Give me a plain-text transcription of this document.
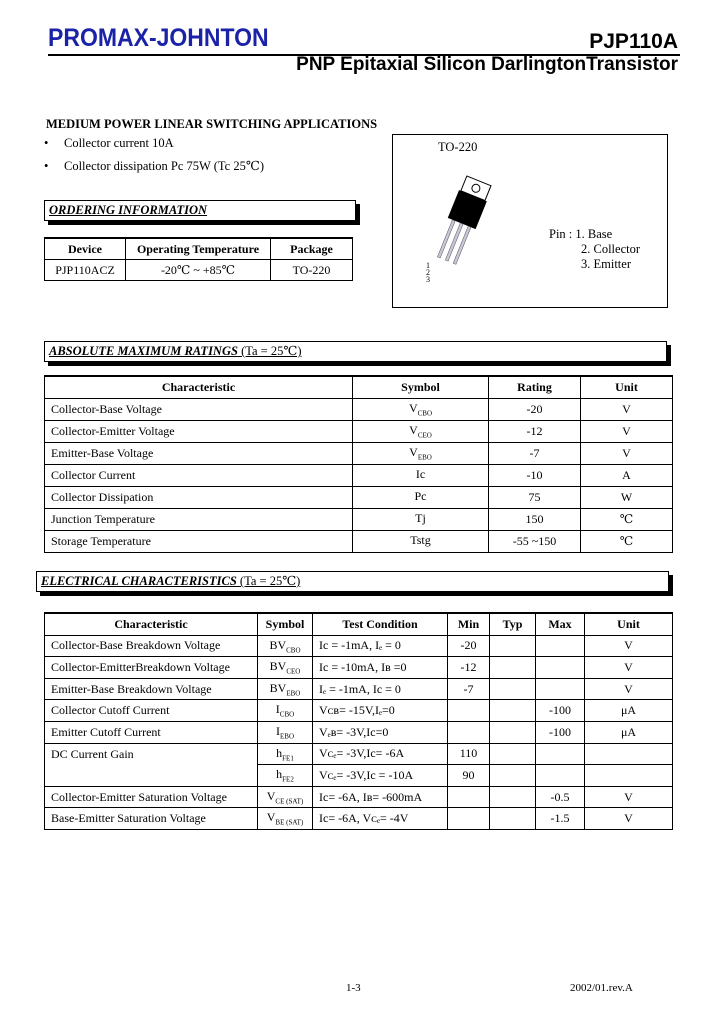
PROMAX-JOHNTON	PJP110A
PNP Epitaxial Silicon DarlingtonTransistor
MEDIUM POWER LINEAR SWITCHING APPLICATIONS
• Collector current 10A
• Collector dissipation Pc 75W (Tc 25℃)
TO-220
1
2
3
Pin : 1. Base
2. Collector
3. Emitter
ORDERING INFORMATION
Device	Operating Temperature	Package
PJP110ACZ	-20℃ ~ +85℃	TO-220
ABSOLUTE MAXIMUM RATINGS (Ta = 25℃)
Characteristic	Symbol	Rating	Unit
Collector-Base Voltage	$V_{CBO}$	-20	V
Collector-Emitter Voltage	$V_{CEO}$	-12	V
Emitter-Base Voltage	$V_{EBO}$	-7	V
Collector Current	Ic	-10	A
Collector Dissipation	Pc	75	W
Junction Temperature	Tj	150	℃
Storage Temperature	Tstg	-55 ~150	℃
ELECTRICAL CHARACTERISTICS (Ta = 25℃)
Characteristic	Symbol	Test Condition	Min	Typ	Max	Unit
Collector-Base Breakdown Voltage	$BV_{CBO}$	Ic = -1mA, Iₑ = 0	-20			V
Collector-EmitterBreakdown Voltage	$BV_{CEO}$	Ic = -10mA, Iʙ =0	-12			V
Emitter-Base Breakdown Voltage	$BV_{EBO}$	Iₑ = -1mA, Ic = 0	-7			V
Collector Cutoff Current	$I_{CBO}$	Vᴄʙ= -15V,Iₑ=0			-100	μA
Emitter Cutoff Current	$I_{EBO}$	Vₑʙ= -3V,Ic=0			-100	μA
DC Current Gain	$h_{FE1}$	Vᴄₑ= -3V,Ic= -6A	110			
	$h_{FE2}$	Vᴄₑ= -3V,Ic = -10A	90			
Collector-Emitter Saturation Voltage	$V_{CE (SAT)}$	Ic= -6A, Iʙ= -600mA			-0.5	V
Base-Emitter Saturation Voltage	$V_{BE (SAT)}$	Ic= -6A, Vᴄₑ= -4V			-1.5	V
1-3	2002/01.rev.A
